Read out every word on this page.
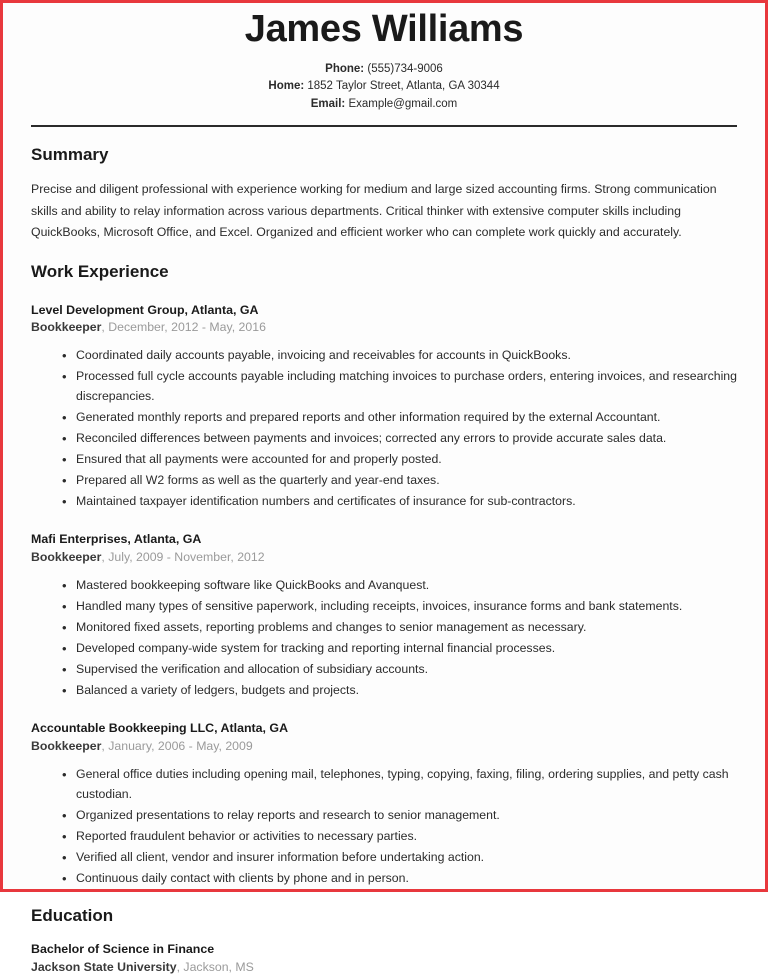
James Williams
Phone: (555)734-9006
Home: 1852 Taylor Street, Atlanta, GA 30344
Email: Example@gmail.com
Summary

Precise and diligent professional with experience working for medium and large sized accounting firms. Strong communication skills and ability to relay information across various departments. Critical thinker with extensive computer skills including QuickBooks, Microsoft Office, and Excel. Organized and efficient worker who can complete work quickly and accurately.

Work Experience
Level Development Group, Atlanta, GA
Bookkeeper, December, 2012 - May, 2016
• Coordinated daily accounts payable, invoicing and receivables for accounts in QuickBooks.
• Processed full cycle accounts payable including matching invoices to purchase orders, entering invoices, and researching discrepancies.
• Generated monthly reports and prepared reports and other information required by the external Accountant.
• Reconciled differences between payments and invoices; corrected any errors to provide accurate sales data.
• Ensured that all payments were accounted for and properly posted.
• Prepared all W2 forms as well as the quarterly and year-end taxes.
• Maintained taxpayer identification numbers and certificates of insurance for sub-contractors.
Mafi Enterprises, Atlanta, GA
Bookkeeper, July, 2009 - November, 2012
• Mastered bookkeeping software like QuickBooks and Avanquest.
• Handled many types of sensitive paperwork, including receipts, invoices, insurance forms and bank statements.
• Monitored fixed assets, reporting problems and changes to senior management as necessary.
• Developed company-wide system for tracking and reporting internal financial processes.
• Supervised the verification and allocation of subsidiary accounts.
• Balanced a variety of ledgers, budgets and projects.
Accountable Bookkeeping LLC, Atlanta, GA
Bookkeeper, January, 2006 - May, 2009
• General office duties including opening mail, telephones, typing, copying, faxing, filing, ordering supplies, and petty cash custodian.
• Organized presentations to relay reports and research to senior management.
• Reported fraudulent behavior or activities to necessary parties.
• Verified all client, vendor and insurer information before undertaking action.
• Continuous daily contact with clients by phone and in person.
Education
Bachelor of Science in Finance
Jackson State University, Jackson, MS
